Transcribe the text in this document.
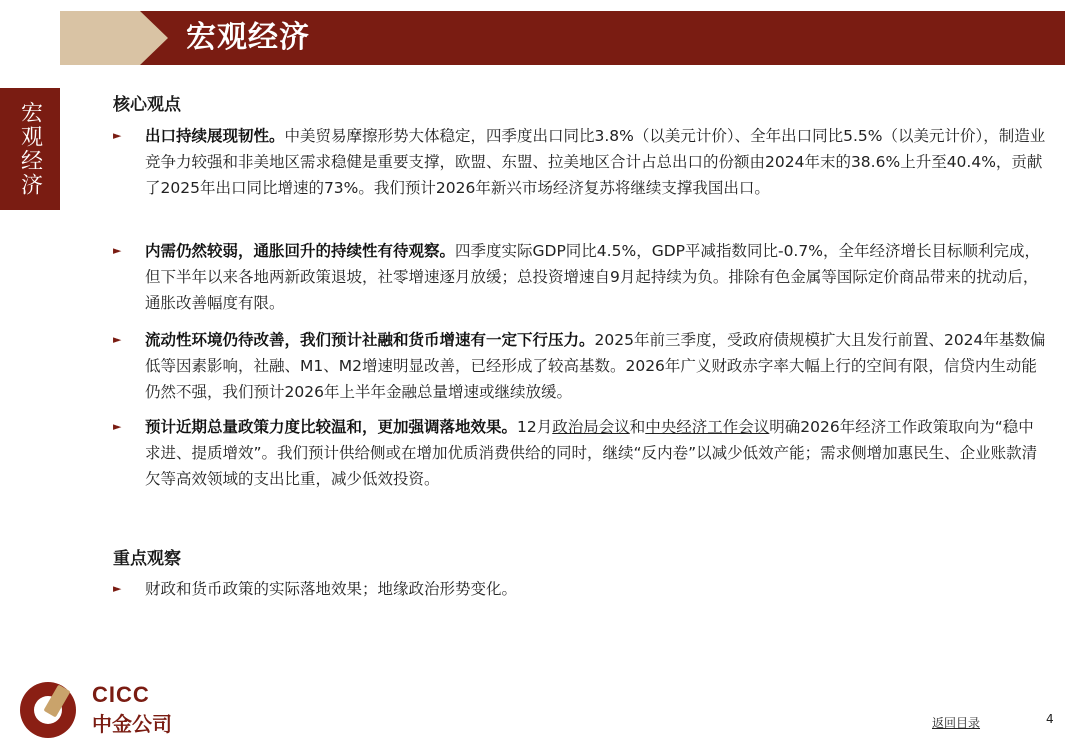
宏观经济
宏观经济	核心观点
► 出口持续展现韧性。中美贸易摩擦形势大体稳定，四季度出口同比3.8%（以美元计价）、全年出口同比5.5%（以美元计价），制造业竞争力较强和非美地区需求稳健是重要支撑，欧盟、东盟、拉美地区合计占总出口的份额由2024年末的38.6%上升至40.4%，贡献了2025年出口同比增速的73%。我们预计2026年新兴市场经济复苏将继续支撑我国出口。
► 内需仍然较弱，通胀回升的持续性有待观察。四季度实际GDP同比4.5%，GDP平减指数同比-0.7%，全年经济增长目标顺利完成，但下半年以来各地两新政策退坡，社零增速逐月放缓；总投资增速自9月起持续为负。排除有色金属等国际定价商品带来的扰动后，通胀改善幅度有限。
► 流动性环境仍待改善，我们预计社融和货币增速有一定下行压力。2025年前三季度，受政府债规模扩大且发行前置、2024年基数偏低等因素影响，社融、M1、M2增速明显改善，已经形成了较高基数。2026年广义财政赤字率大幅上行的空间有限，信贷内生动能仍然不强，我们预计2026年上半年金融总量增速或继续放缓。
► 预计近期总量政策力度比较温和，更加强调落地效果。12月政治局会议和中央经济工作会议明确2026年经济工作政策取向为“稳中求进、提质增效”。我们预计供给侧或在增加优质消费供给的同时，继续“反内卷”以减少低效产能；需求侧增加惠民生、企业账款清欠等高效领域的支出比重，减少低效投资。
重点观察
► 财政和货币政策的实际落地效果；地缘政治形势变化。
CICC
中金公司	返回目录	4
